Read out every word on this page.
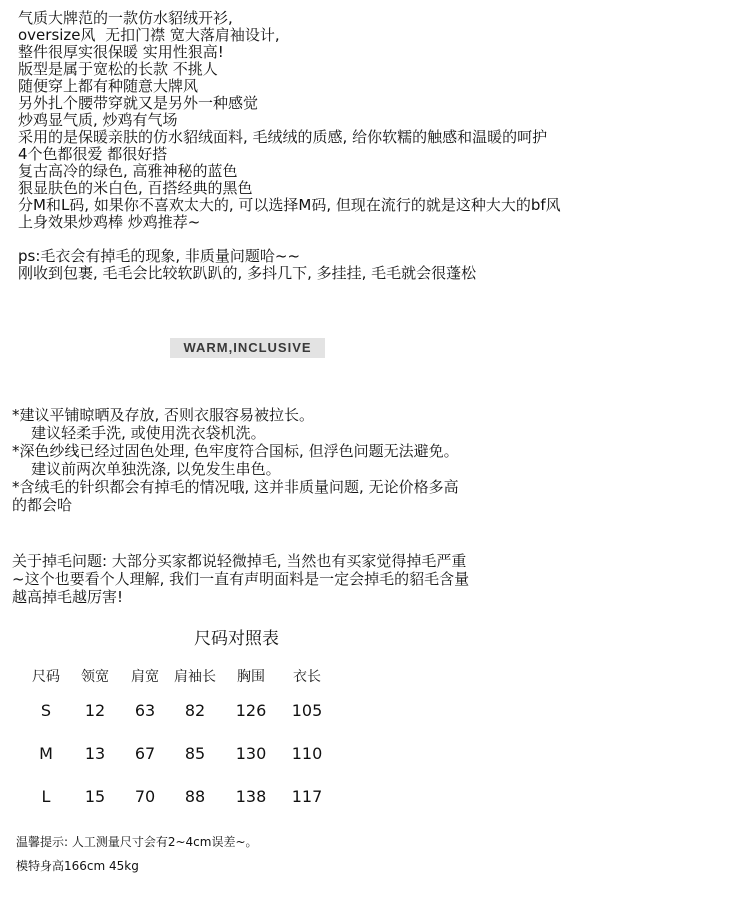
气质大牌范的一款仿水貂绒开衫,
oversize风  无扣门襟 宽大落肩袖设计,
整件很厚实很保暖 实用性狠高!
版型是属于宽松的长款 不挑人
随便穿上都有种随意大牌风
另外扎个腰带穿就又是另外一种感觉
炒鸡显气质, 炒鸡有气场
采用的是保暖亲肤的仿水貂绒面料, 毛绒绒的质感, 给你软糯的触感和温暖的呵护
4个色都很爱 都很好搭
复古高冷的绿色, 高雅神秘的蓝色
狠显肤色的米白色, 百搭经典的黑色
分M和L码, 如果你不喜欢太大的, 可以选择M码, 但现在流行的就是这种大大的bf风
上身效果炒鸡棒 炒鸡推荐~
ps:毛衣会有掉毛的现象, 非质量问题哈~~
刚收到包裹, 毛毛会比较软趴趴的, 多抖几下, 多挂挂, 毛毛就会很蓬松
WARM,INCLUSIVE
*建议平铺晾晒及存放, 否则衣服容易被拉长。
建议轻柔手洗, 或使用洗衣袋机洗。
*深色纱线已经过固色处理, 色牢度符合国标, 但浮色问题无法避免。
建议前两次单独洗涤, 以免发生串色。
*含绒毛的针织都会有掉毛的情况哦, 这并非质量问题, 无论价格多高
的都会哈
关于掉毛问题: 大部分买家都说轻微掉毛, 当然也有买家觉得掉毛严重
~这个也要看个人理解, 我们一直有声明面料是一定会掉毛的貂毛含量
越高掉毛越厉害!
尺码对照表
尺码	领宽	肩宽	肩袖长	胸围	衣长
S	12	63	82	126	105
M	13	67	85	130	110
L	15	70	88	138	117
温馨提示: 人工测量尺寸会有2~4cm误差~。
模特身高166cm 45kg
